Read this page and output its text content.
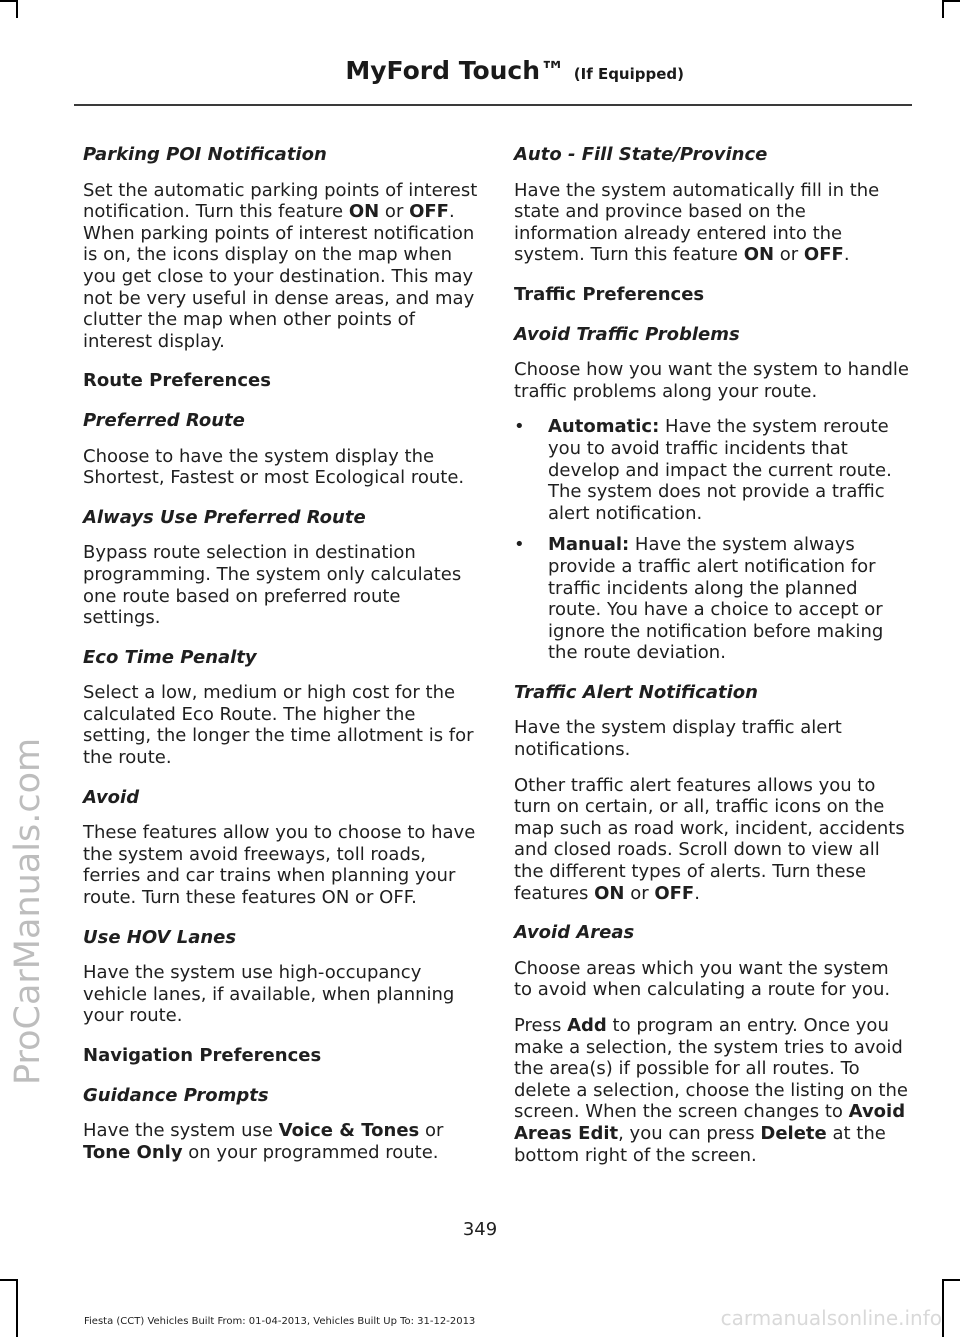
MyFord Touch™ (If Equipped)
ProCarManuals.com
Parking POI Notification

Set the automatic parking points of interest notification. Turn this feature ON or OFF. When parking points of interest notification is on, the icons display on the map when you get close to your destination. This may not be very useful in dense areas, and may clutter the map when other points of interest display.

Route Preferences
Preferred Route

Choose to have the system display the Shortest, Fastest or most Ecological route.

Always Use Preferred Route

Bypass route selection in destination programming. The system only calculates one route based on preferred route settings.

Eco Time Penalty

Select a low, medium or high cost for the calculated Eco Route. The higher the setting, the longer the time allotment is for the route.

Avoid

These features allow you to choose to have the system avoid freeways, toll roads, ferries and car trains when planning your route. Turn these features ON or OFF.

Use HOV Lanes

Have the system use high-occupancy vehicle lanes, if available, when planning your route.

Navigation Preferences
Guidance Prompts

Have the system use Voice & Tones or Tone Only on your programmed route.

Auto - Fill State/Province

Have the system automatically fill in the state and province based on the information already entered into the system. Turn this feature ON or OFF.

Traffic Preferences
Avoid Traffic Problems

Choose how you want the system to handle traffic problems along your route.

• Automatic: Have the system reroute you to avoid traffic incidents that develop and impact the current route. The system does not provide a traffic alert notification.
• Manual: Have the system always provide a traffic alert notification for traffic incidents along the planned route. You have a choice to accept or ignore the notification before making the route deviation.
Traffic Alert Notification

Have the system display traffic alert notifications.

Other traffic alert features allows you to turn on certain, or all, traffic icons on the map such as road work, incident, accidents and closed roads. Scroll down to view all the different types of alerts. Turn these features ON or OFF.

Avoid Areas

Choose areas which you want the system to avoid when calculating a route for you.

Press Add to program an entry. Once you make a selection, the system tries to avoid the area(s) if possible for all routes. To delete a selection, choose the listing on the screen. When the screen changes to Avoid Areas Edit, you can press Delete at the bottom right of the screen.

349
Fiesta (CCT) Vehicles Built From: 01-04-2013, Vehicles Built Up To: 31-12-2013	carmanualsonline.info
